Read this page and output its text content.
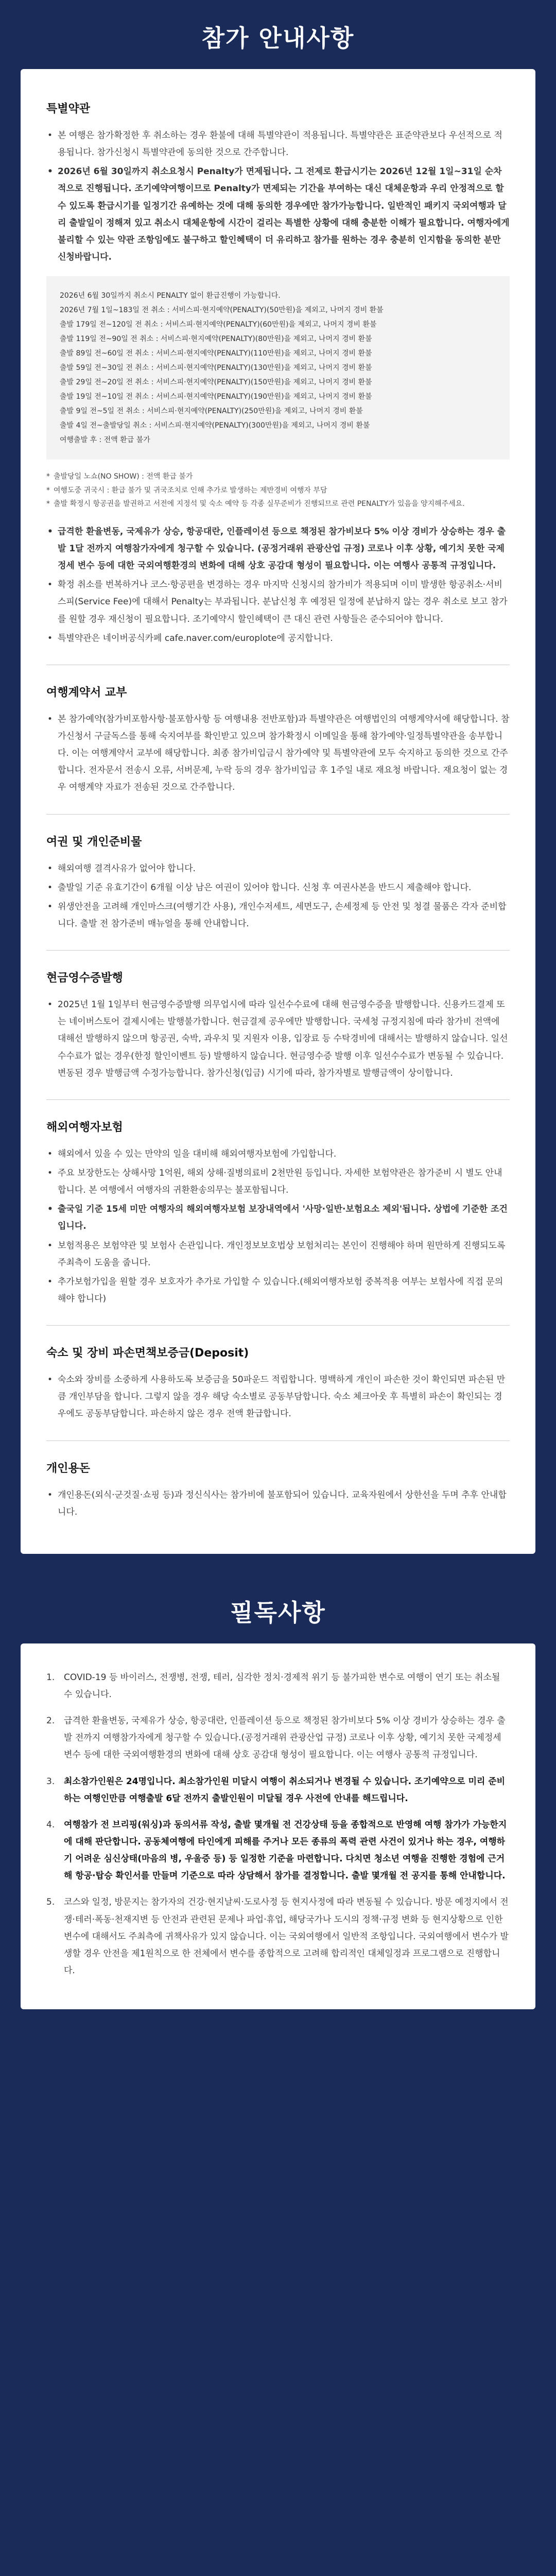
참가 안내사항
특별약관
• 본 여행은 참가확정한 후 취소하는 경우 환불에 대해 특별약관이 적용됩니다. 특별약관은 표준약관보다 우선적으로 적용됩니다. 참가신청시 특별약관에 동의한 것으로 간주합니다.
• 2026년 6월 30일까지 취소요청시 Penalty가 면제됩니다. 그 전제로 환급시기는 2026년 12월 1일~31일 순차적으로 진행됩니다. 조기예약여행이므로 Penalty가 면제되는 기간을 부여하는 대신 대체운항과 우리 안정적으로 할 수 있도록 환급시기를 일정기간 유예하는 것에 대해 동의한 경우에만 참가가능합니다. 일반적인 패키지 국외여행과 달리 출발일이 정해져 있고 취소시 대체운항에 시간이 걸리는 특별한 상황에 대해 충분한 이해가 필요합니다. 여행자에게 불리할 수 있는 약관 조항임에도 불구하고 할인혜택이 더 유리하고 참가를 원하는 경우 충분히 인지함을 동의한 분만 신청바랍니다.

2026년 6월 30일까지 취소시 PENALTY 없이 환급진행이 가능합니다.

2026년 7월 1일~183일 전 취소 : 서비스피·현지예약(PENALTY)(50만원)을 제외고, 나머지 경비 환불

출발 179일 전~120일 전 취소 : 서비스피·현지예약(PENALTY)(60만원)을 제외고, 나머지 경비 환불

출발 119일 전~90일 전 취소 : 서비스피·현지예약(PENALTY)(80만원)을 제외고, 나머지 경비 환불

출발 89일 전~60일 전 취소 : 서비스피·현지예약(PENALTY)(110만원)을 제외고, 나머지 경비 환불

출발 59일 전~30일 전 취소 : 서비스피·현지예약(PENALTY)(130만원)을 제외고, 나머지 경비 환불

출발 29일 전~20일 전 취소 : 서비스피·현지예약(PENALTY)(150만원)을 제외고, 나머지 경비 환불

출발 19일 전~10일 전 취소 : 서비스피·현지예약(PENALTY)(190만원)을 제외고, 나머지 경비 환불

출발 9일 전~5일 전 취소 : 서비스피·현지예약(PENALTY)(250만원)을 제외고, 나머지 경비 환불

출발 4일 전~출발당일 취소 : 서비스피·현지예약(PENALTY)(300만원)을 제외고, 나머지 경비 환불

여행출발 후 : 전액 환급 불가

* 출발당일 노쇼(NO SHOW) : 전액 환급 불가

* 여행도중 귀국시 : 환급 불가 및 귀국조치로 인해 추가로 발생하는 제반경비 여행자 부담

* 출발 확정시 항공권을 발권하고 서전에 지정석 및 숙소 예약 등 각종 실무준비가 진행되므로 관련 PENALTY가 있음을 양지해주세요.

• 급격한 환율변동, 국제유가 상승, 항공대란, 인플레이션 등으로 책정된 참가비보다 5% 이상 경비가 상승하는 경우 출발 1달 전까지 여행참가자에게 청구할 수 있습니다. (공정거래위 관광산업 규정) 코로나 이후 상황, 예기치 못한 국제정세 변수 등에 대한 국외여행환경의 변화에 대해 상호 공감대 형성이 필요합니다. 이는 여행사 공통적 규정입니다.
• 확정 취소를 번복하거나 코스·항공편을 변경하는 경우 마지막 신청시의 참가비가 적용되며 이미 발생한 항공취소·서비스피(Service Fee)에 대해서 Penalty는 부과됩니다. 분납신청 후 예정된 일정에 분납하지 않는 경우 취소로 보고 참가를 원할 경우 재신청이 필요합니다. 조기예약시 할인혜택이 큰 대신 관련 사항들은 준수되어야 합니다.
• 특별약관은 네이버공식카페 cafe.naver.com/europlote에 공지합니다.
여행계약서 교부
• 본 참가예약(참가비포함사항·불포함사항 등 여행내용 전반포함)과 특별약관은 여행법인의 여행계약서에 해당합니다. 참가신청서 구글독스를 통해 숙지여부를 확인받고 있으며 참가확정시 이메일을 통해 참가예약·일정특별약관을 송부합니다. 이는 여행계약서 교부에 해당합니다. 최종 참가비입금시 참가예약 및 특별약관에 모두 숙지하고 동의한 것으로 간주합니다. 전자문서 전송시 오류, 서버문제, 누락 등의 경우 참가비입금 후 1주일 내로 재요청 바랍니다. 재요청이 없는 경우 여행계약 자료가 전송된 것으로 간주합니다.
여권 및 개인준비물
• 해외여행 결격사유가 없어야 합니다.
• 출발일 기준 유효기간이 6개월 이상 남은 여권이 있어야 합니다. 신청 후 여권사본을 반드시 제출해야 합니다.
• 위생안전을 고려해 개인마스크(여행기간 사용), 개인수저세트, 세면도구, 손세정제 등 안전 및 청결 물품은 각자 준비합니다. 출발 전 참가준비 매뉴얼을 통해 안내합니다.
현금영수증발행
• 2025년 1월 1일부터 현금영수증발행 의무업시에 따라 일선수수료에 대해 현금영수증을 발행합니다. 신용카드결제 또는 네이버스토어 결제시에는 발행불가합니다. 현금결제 공우에만 발행합니다. 국세청 규정지침에 따라 참가비 전액에 대해선 발행하지 않으며 항공권, 숙박, 과우치 및 지원자 이용, 입장료 등 수탁경비에 대해서는 발행하지 않습니다. 일선수수료가 없는 경우(한정 할인이벤트 등) 발행하지 않습니다. 현금영수증 발행 이후 일선수수료가 변동될 수 있습니다. 변동된 경우 발행금액 수정가능합니다. 참가신청(입금) 시기에 따라, 참가자별로 발행금액이 상이합니다.
해외여행자보험
• 해외에서 있을 수 있는 만약의 일을 대비해 해외여행자보험에 가입합니다.
• 주요 보장한도는 상해사망 1억원, 해외 상해·질병의료비 2천만원 등입니다. 자세한 보험약관은 참가준비 시 별도 안내합니다. 본 여행에서 여행자의 귀환환송의무는 불포함됩니다.
• 출국일 기준 15세 미만 여행자의 해외여행자보험 보장내역에서 '사망·일반·보험요소 제외'됩니다. 상법에 기준한 조건입니다.
• 보험적용은 보험약관 및 보험사 손관입니다. 개인정보보호법상 보험처리는 본인이 진행해야 하며 원만하게 진행되도록 주최측이 도움을 줍니다.
• 추가보험가입을 원할 경우 보호자가 추가로 가입할 수 있습니다.(해외여행자보험 중복적용 여부는 보험사에 직접 문의해야 합니다)
숙소 및 장비 파손면책보증금(Deposit)
• 숙소와 장비를 소중하게 사용하도록 보증금을 50파운드 적립합니다. 명백하게 개인이 파손한 것이 확인되면 파손된 만큼 개인부담을 합니다. 그렇지 않을 경우 해당 숙소별로 공동부담합니다. 숙소 체크아웃 후 특별히 파손이 확인되는 경우에도 공동부담합니다. 파손하지 않은 경우 전액 환급합니다.
개인용돈
• 개인용돈(외식·군것질·쇼핑 등)과 정신식사는 참가비에 불포함되어 있습니다. 교육자원에서 상한선을 두며 추후 안내합니다.
필독사항
1. COVID-19 등 바이러스, 전쟁병, 전쟁, 테러, 심각한 정치·경제적 위기 등 불가피한 변수로 여행이 연기 또는 취소될 수 있습니다.
2. 급격한 환율변동, 국제유가 상승, 항공대란, 인플레이션 등으로 책정된 참가비보다 5% 이상 경비가 상승하는 경우 출발 전까지 여행참가자에게 청구할 수 있습니다.(공정거래위 관광산업 규정) 코로나 이후 상황, 예기치 못한 국제정세 변수 등에 대한 국외여행환경의 변화에 대해 상호 공감대 형성이 필요합니다. 이는 여행사 공통적 규정입니다.
3. 최소참가인원은 24명입니다. 최소참가인원 미달시 여행이 취소되거나 변경될 수 있습니다. 조기예약으로 미리 준비하는 여행인만큼 여행출발 6달 전까지 출발인원이 미달될 경우 사전에 안내를 해드립니다.
4. 여행참가 전 브리핑(워싱)과 동의서류 작성, 출발 몇개월 전 건강상태 등을 종합적으로 반영해 여행 참가가 가능한지에 대해 판단합니다. 공동체여행에 타인에게 피해를 주거나 모든 종류의 폭력 관련 사건이 있거나 하는 경우, 여행하기 어려운 심신상태(마음의 병, 우울증 등) 등 일정한 기준을 마련합니다. 다치면 청소년 여행을 진행한 경험에 근거해 항공·탑승 확인서를 만들며 기준으로 따라 상담해서 참가를 결정합니다. 출발 몇개월 전 공지를 통해 안내합니다.
5. 코스와 일정, 방문지는 참가자의 건강·현지날씨·도로사정 등 현지사정에 따라 변동될 수 있습니다. 방문 예정지에서 전쟁·테러·폭동·천재지변 등 안전과 관련된 문제나 파업·휴업, 해당국가나 도시의 정책·규정 변화 등 현지상황으로 인한 변수에 대해서도 주최측에 귀책사유가 있지 않습니다. 이는 국외여행에서 일반적 조항입니다. 국외여행에서 변수가 발생할 경우 안전을 제1원칙으로 한 전체에서 변수를 종합적으로 고려해 합리적인 대체일정과 프로그램으로 진행합니다.
